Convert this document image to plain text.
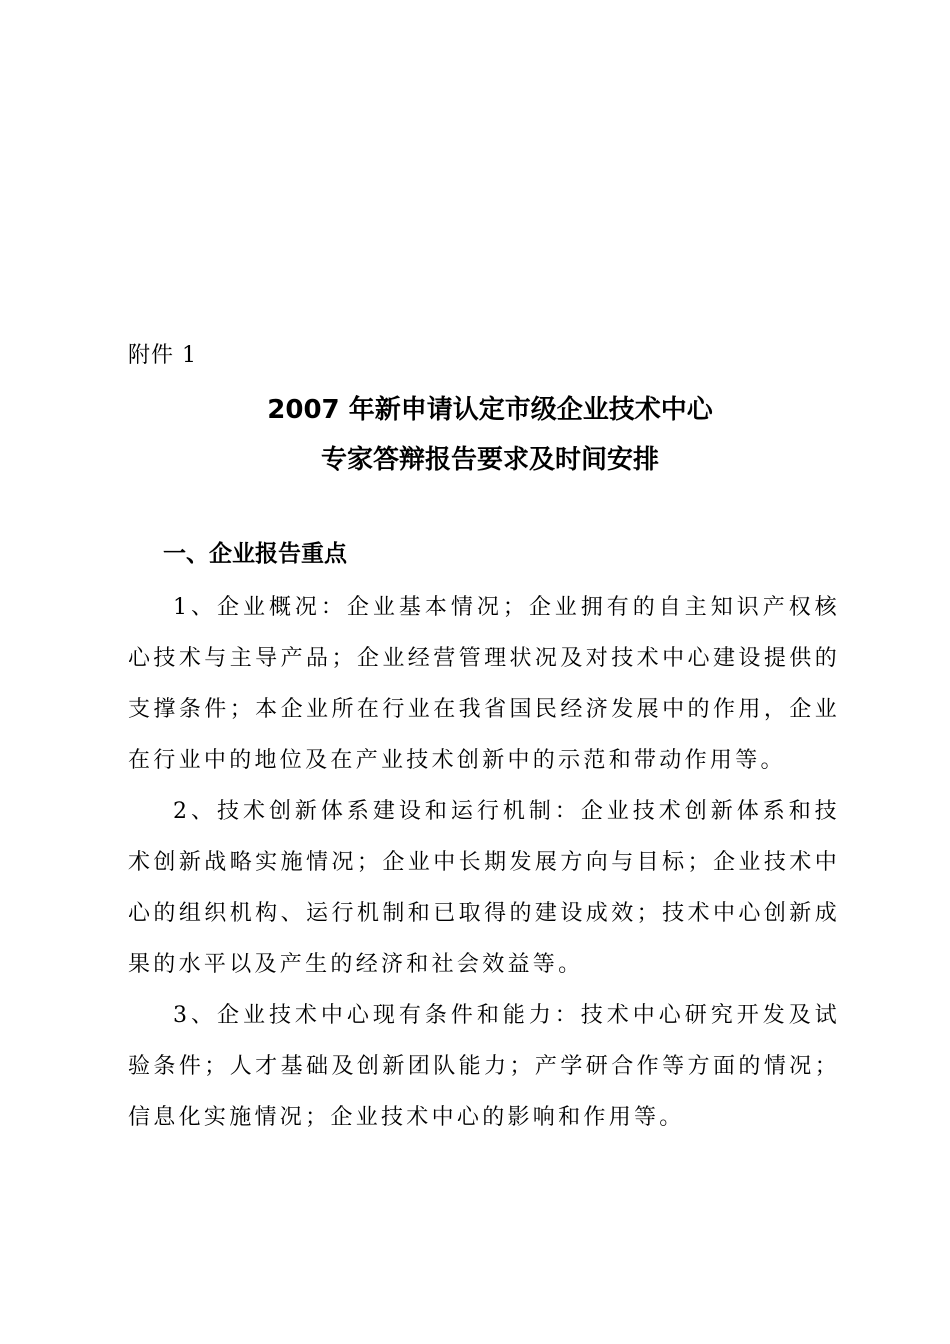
附件 1
2007 年新申请认定市级企业技术中心
专家答辩报告要求及时间安排
一、企业报告重点

1、企业概况：企业基本情况；企业拥有的自主知识产权核心技术与主导产品；企业经营管理状况及对技术中心建设提供的支撑条件；本企业所在行业在我省国民经济发展中的作用，企业在行业中的地位及在产业技术创新中的示范和带动作用等。

2、技术创新体系建设和运行机制：企业技术创新体系和技术创新战略实施情况；企业中长期发展方向与目标；企业技术中心的组织机构、运行机制和已取得的建设成效；技术中心创新成果的水平以及产生的经济和社会效益等。

3、企业技术中心现有条件和能力：技术中心研究开发及试验条件；人才基础及创新团队能力；产学研合作等方面的情况；信息化实施情况；企业技术中心的影响和作用等。
